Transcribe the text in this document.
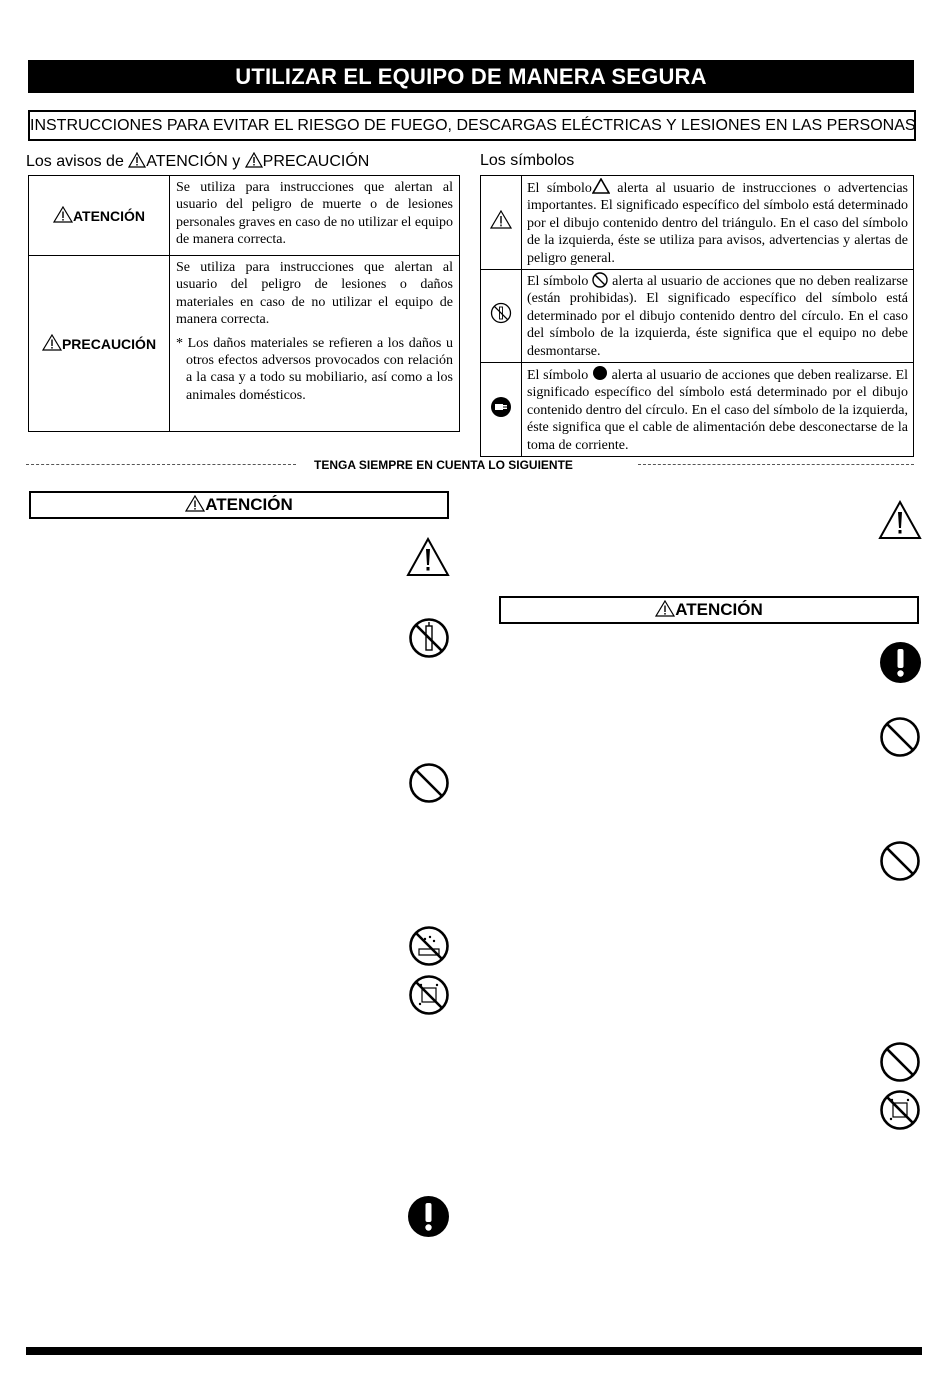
UTILIZAR EL EQUIPO DE MANERA SEGURA
INSTRUCCIONES PARA EVITAR EL RIESGO DE FUEGO, DESCARGAS ELÉCTRICAS Y LESIONES EN LAS PERSONAS
Los avisos de
ATENCIÓN y
PRECAUCIÓN
ATENCIÓN	Se utiliza para instrucciones que alertan al usuario del peligro de muerte o de lesiones personales graves en caso de no utilizar el equipo de manera correcta.

PRECAUCIÓN	Se utiliza para instrucciones que alertan al usuario del peligro de lesiones o daños materiales en caso de no utilizar el equipo de manera correcta.
* Los daños materiales se refieren a los daños u otros efectos adversos provocados con relación a la casa y a todo su mobiliario, así como a los animales domésticos.
Los símbolos
	El símbolo
alerta al usuario de instrucciones o advertencias importantes. El significado específico del símbolo está determinado por el dibujo contenido dentro del triángulo. En el caso del símbolo de la izquierda, éste se utiliza para avisos, advertencias y alertas de peligro general.

	El símbolo
alerta al usuario de acciones que no deben realizarse (están prohibidas). El significado específico del símbolo está determinado por el dibujo contenido dentro del círculo. En el caso del símbolo de la izquierda, éste significa que el equipo no debe desmontarse.

	El símbolo
alerta al usuario de acciones que deben realizarse. El significado específico del símbolo está determinado por el dibujo contenido dentro del círculo. En el caso del símbolo de la izquierda, éste significa que el cable de alimentación debe desconectarse de la toma de corriente.
TENGA SIEMPRE EN CUENTA LO SIGUIENTE
ATENCIÓN
ATENCIÓN
